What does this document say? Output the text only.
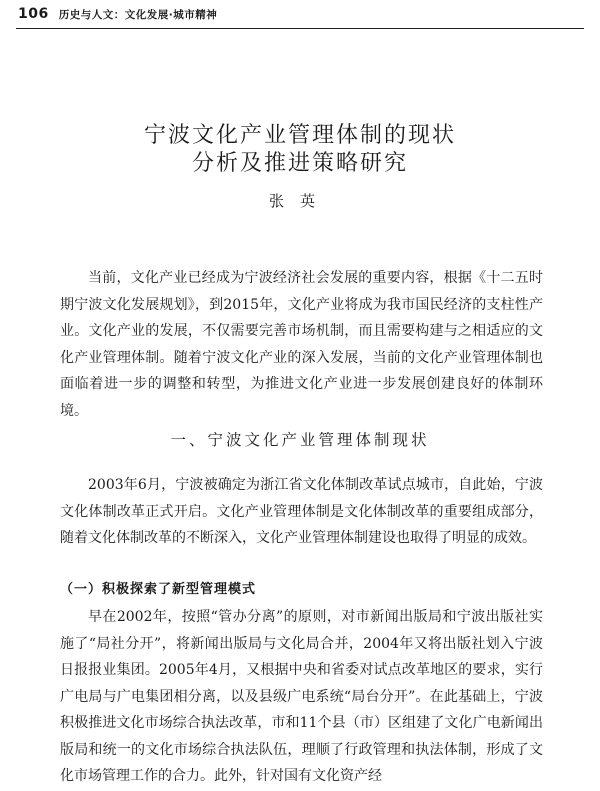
106 历史与人文：文化发展·城市精神
宁波文化产业管理体制的现状
分析及推进策略研究
张英

当前，文化产业已经成为宁波经济社会发展的重要内容，根据《十二五时期宁波文化发展规划》，到2015年，文化产业将成为我市国民经济的支柱性产业。文化产业的发展，不仅需要完善市场机制，而且需要构建与之相适应的文化产业管理体制。随着宁波文化产业的深入发展，当前的文化产业管理体制也面临着进一步的调整和转型，为推进文化产业进一步发展创建良好的体制环境。

一、宁波文化产业管理体制现状

2003年6月，宁波被确定为浙江省文化体制改革试点城市，自此始，宁波文化体制改革正式开启。文化产业管理体制是文化体制改革的重要组成部分，随着文化体制改革的不断深入，文化产业管理体制建设也取得了明显的成效。

（一）积极探索了新型管理模式

早在2002年，按照“管办分离”的原则，对市新闻出版局和宁波出版社实施了“局社分开”，将新闻出版局与文化局合并，2004年又将出版社划入宁波日报报业集团。2005年4月，又根据中央和省委对试点改革地区的要求，实行广电局与广电集团相分离，以及县级广电系统“局台分开”。在此基础上，宁波积极推进文化市场综合执法改革，市和11个县（市）区组建了文化广电新闻出版局和统一的文化市场综合执法队伍，理顺了行政管理和执法体制，形成了文化市场管理工作的合力。此外，针对国有文化资产经
